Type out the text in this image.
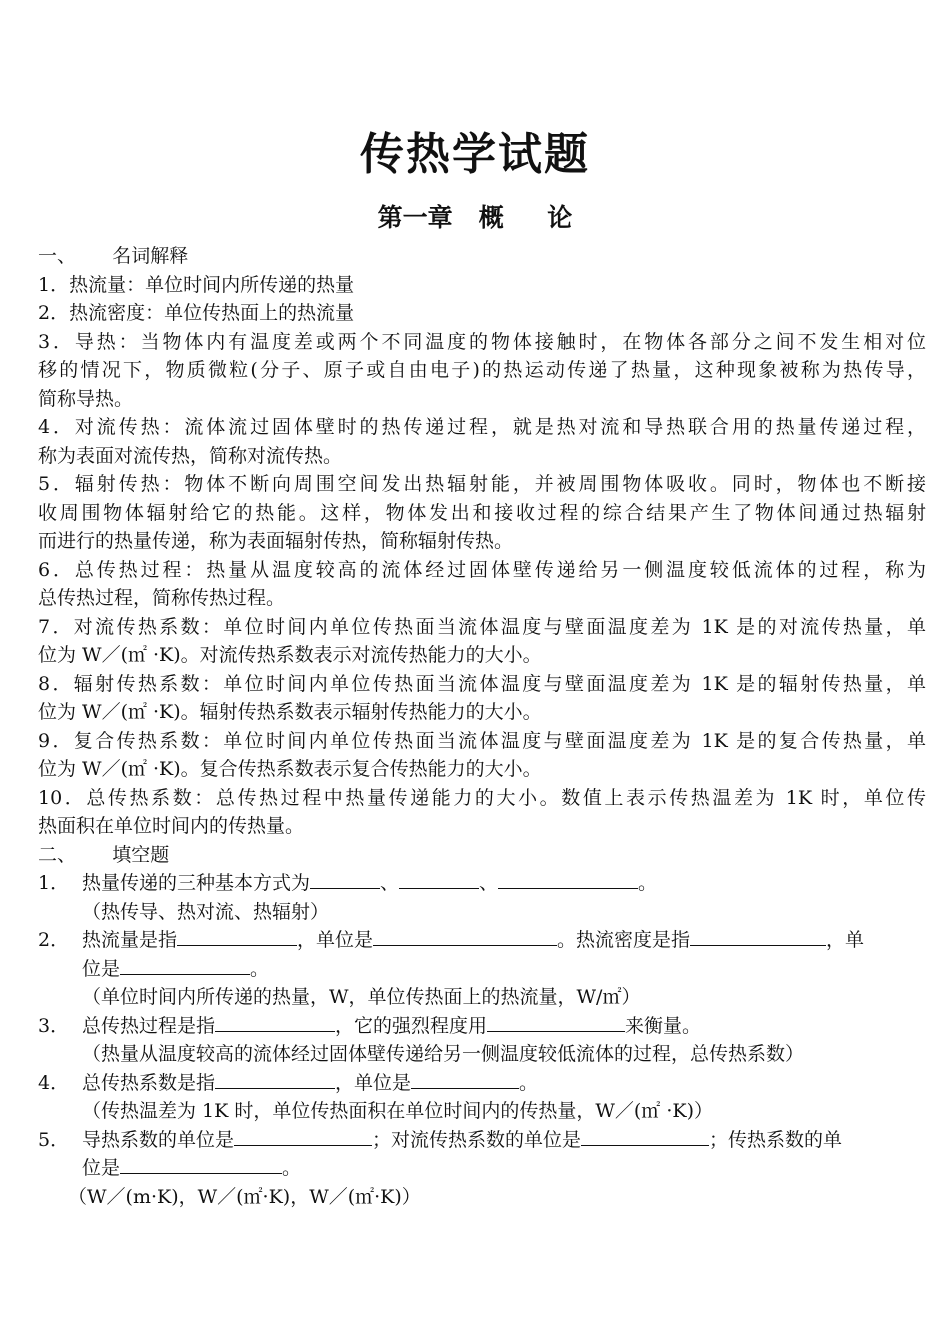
传热学试题
第一章   概     论
一、      名词解释
1．热流量：单位时间内所传递的热量
2．热流密度：单位传热面上的热流量
3．导热：当物体内有温度差或两个不同温度的物体接触时，在物体各部分之间不发生相对位
移的情况下，物质微粒(分子、原子或自由电子)的热运动传递了热量，这种现象被称为热传导，
简称导热。
4．对流传热：流体流过固体壁时的热传递过程，就是热对流和导热联合用的热量传递过程，
称为表面对流传热，简称对流传热。
5．辐射传热：物体不断向周围空间发出热辐射能，并被周围物体吸收。同时，物体也不断接
收周围物体辐射给它的热能。这样，物体发出和接收过程的综合结果产生了物体间通过热辐射
而进行的热量传递，称为表面辐射传热，简称辐射传热。
6．总传热过程：热量从温度较高的流体经过固体壁传递给另一侧温度较低流体的过程，称为
总传热过程，简称传热过程。
7．对流传热系数：单位时间内单位传热面当流体温度与壁面温度差为 1K 是的对流传热量，单
位为 W／(㎡ ·K)。对流传热系数表示对流传热能力的大小。
8．辐射传热系数：单位时间内单位传热面当流体温度与壁面温度差为 1K 是的辐射传热量，单
位为 W／(㎡ ·K)。辐射传热系数表示辐射传热能力的大小。
9．复合传热系数：单位时间内单位传热面当流体温度与壁面温度差为 1K 是的复合传热量，单
位为 W／(㎡ ·K)。复合传热系数表示复合传热能力的大小。
10．总传热系数：总传热过程中热量传递能力的大小。数值上表示传热温差为 1K 时，单位传
热面积在单位时间内的传热量。
二、      填空题
1． 热量传递的三种基本方式为	、	、	。
（热传导、热对流、热辐射）
2． 热流量是指	，单位是	。热流密度是指	，单
位是	。
（单位时间内所传递的热量，W，单位传热面上的热流量，W/㎡）
3． 总传热过程是指	，它的强烈程度用	来衡量。
（热量从温度较高的流体经过固体壁传递给另一侧温度较低流体的过程，总传热系数）
4． 总传热系数是指	，单位是	。
（传热温差为 1K 时，单位传热面积在单位时间内的传热量，W／(㎡ ·K)）
5． 导热系数的单位是	；对流传热系数的单位是	；传热系数的单
位是	。
（W／(m·K)，W／(㎡·K)，W／(㎡·K)）
